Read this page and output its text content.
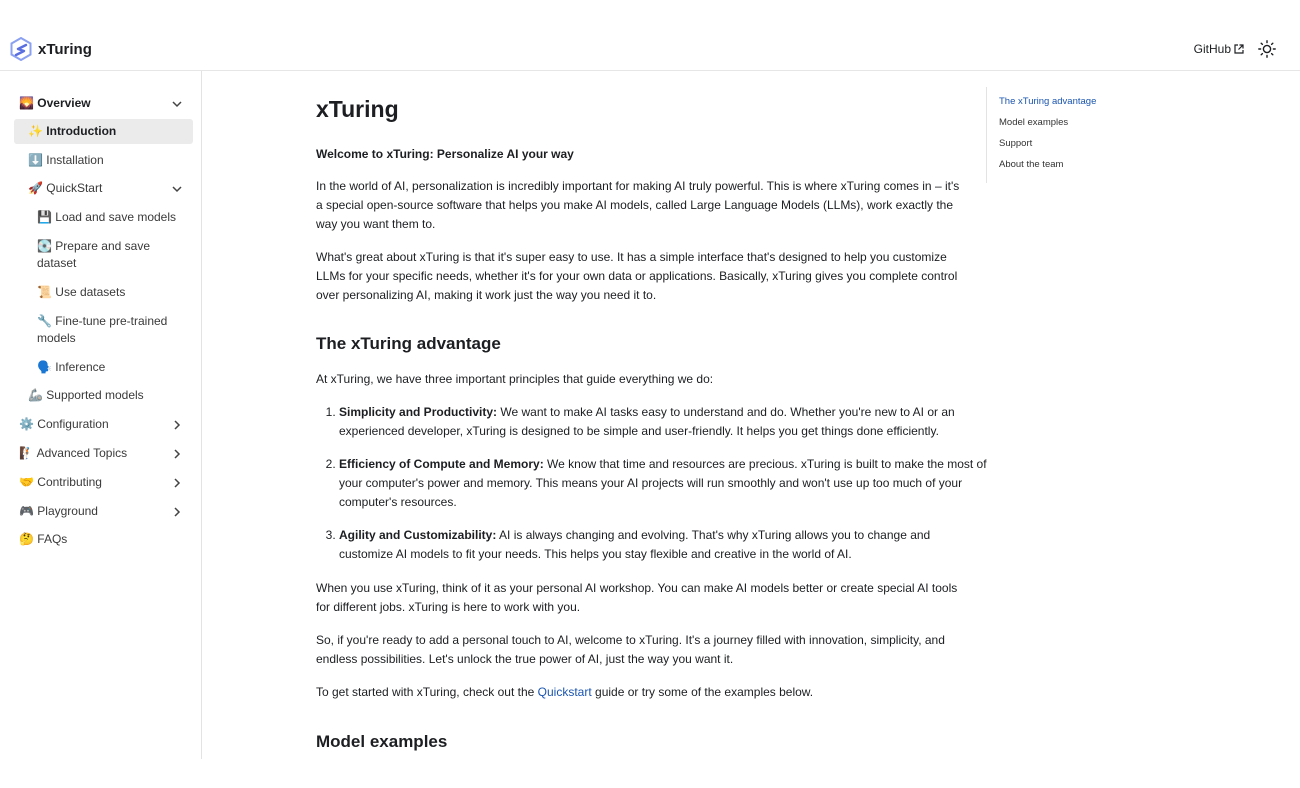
xTuring	GitHub
🌄 Overview
✨ Introduction
⬇️ Installation
🚀 QuickStart
💾 Load and save models
💽 Prepare and save
dataset
📜 Use datasets
🔧 Fine-tune pre-trained
models
🗣️ Inference
🦾 Supported models
⚙️ Configuration
🧗🏻 Advanced Topics
🤝 Contributing
🎮 Playground
🤔 FAQs
xTuring

Welcome to xTuring: Personalize AI your way

In the world of AI, personalization is incredibly important for making AI truly powerful. This is where xTuring comes in – it's a special open-source software that helps you make AI models, called Large Language Models (LLMs), work exactly the way you want them to.

What's great about xTuring is that it's super easy to use. It has a simple interface that's designed to help you customize LLMs for your specific needs, whether it's for your own data or applications. Basically, xTuring gives you complete control over personalizing AI, making it work just the way you need it to.

The xTuring advantage

At xTuring, we have three important principles that guide everything we do:

1. Simplicity and Productivity: We want to make AI tasks easy to understand and do. Whether you're new to AI or an experienced developer, xTuring is designed to be simple and user-friendly. It helps you get things done efficiently.
2. Efficiency of Compute and Memory: We know that time and resources are precious. xTuring is built to make the most of your computer's power and memory. This means your AI projects will run smoothly and won't use up too much of your computer's resources.
3. Agility and Customizability: AI is always changing and evolving. That's why xTuring allows you to change and customize AI models to fit your needs. This helps you stay flexible and creative in the world of AI.

When you use xTuring, think of it as your personal AI workshop. You can make AI models better or create special AI tools for different jobs. xTuring is here to work with you.

So, if you're ready to add a personal touch to AI, welcome to xTuring. It's a journey filled with innovation, simplicity, and endless possibilities. Let's unlock the true power of AI, just the way you want it.

To get started with xTuring, check out the Quickstart guide or try some of the examples below.

Model examples
The xTuring advantage
Model examples
Support
About the team
